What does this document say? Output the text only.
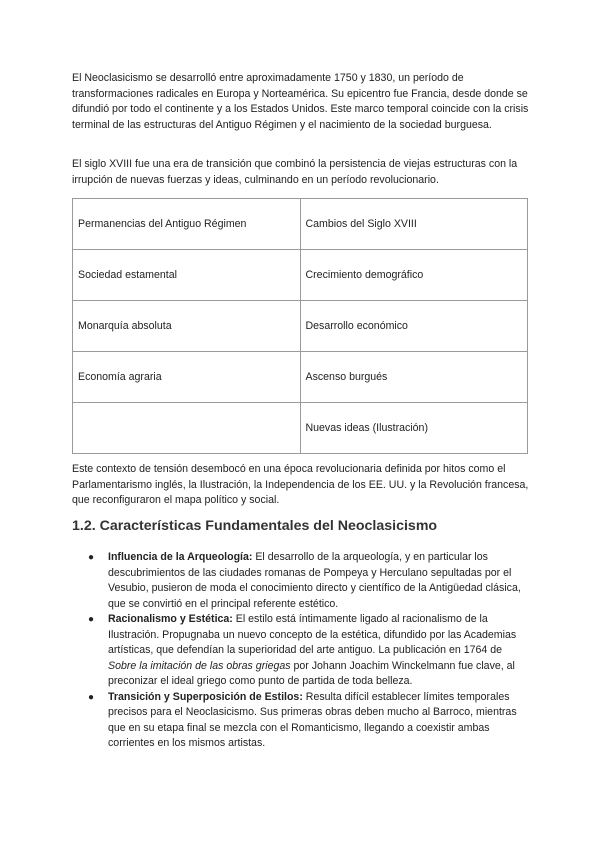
El Neoclasicismo se desarrolló entre aproximadamente 1750 y 1830, un período de transformaciones radicales en Europa y Norteamérica. Su epicentro fue Francia, desde donde se difundió por todo el continente y a los Estados Unidos. Este marco temporal coincide con la crisis terminal de las estructuras del Antiguo Régimen y el nacimiento de la sociedad burguesa.

El siglo XVIII fue una era de transición que combinó la persistencia de viejas estructuras con la irrupción de nuevas fuerzas y ideas, culminando en un período revolucionario.

Permanencias del Antiguo Régimen	Cambios del Siglo XVIII
Sociedad estamental	Crecimiento demográfico
Monarquía absoluta	Desarrollo económico
Economía agraria	Ascenso burgués
	Nuevas ideas (Ilustración)

Este contexto de tensión desembocó en una época revolucionaria definida por hitos como el Parlamentarismo inglés, la Ilustración, la Independencia de los EE. UU. y la Revolución francesa, que reconfiguraron el mapa político y social.

1.2. Características Fundamentales del Neoclasicismo
● Influencia de la Arqueología: El desarrollo de la arqueología, y en particular los descubrimientos de las ciudades romanas de Pompeya y Herculano sepultadas por el Vesubio, pusieron de moda el conocimiento directo y científico de la Antigüedad clásica, que se convirtió en el principal referente estético.
● Racionalismo y Estética: El estilo está íntimamente ligado al racionalismo de la Ilustración. Propugnaba un nuevo concepto de la estética, difundido por las Academias artísticas, que defendían la superioridad del arte antiguo. La publicación en 1764 de Sobre la imitación de las obras griegas por Johann Joachim Winckelmann fue clave, al preconizar el ideal griego como punto de partida de toda belleza.
● Transición y Superposición de Estilos: Resulta difícil establecer límites temporales precisos para el Neoclasicismo. Sus primeras obras deben mucho al Barroco, mientras que en su etapa final se mezcla con el Romanticismo, llegando a coexistir ambas corrientes en los mismos artistas.
